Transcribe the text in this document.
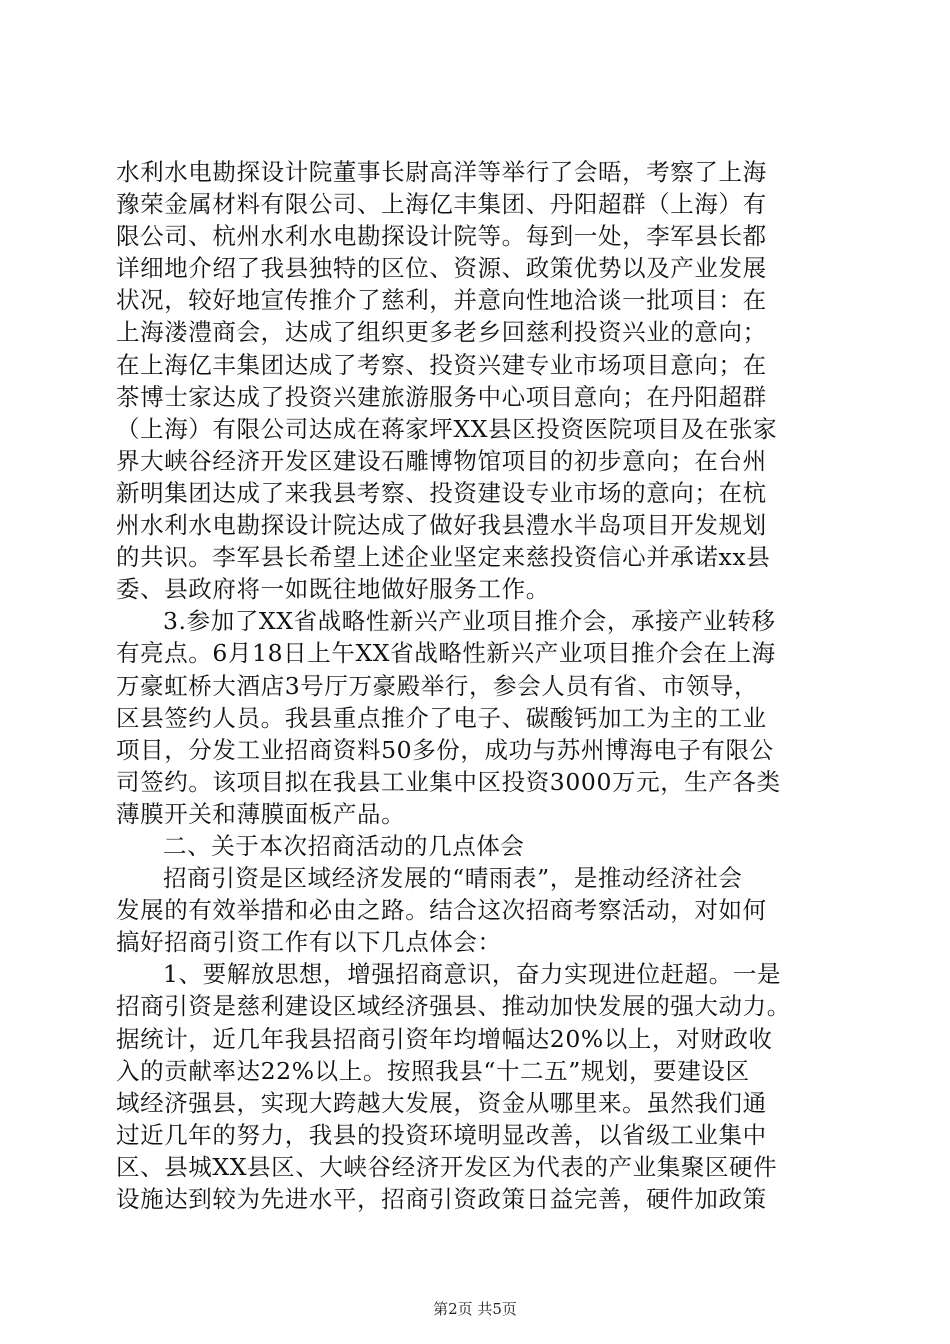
水利水电勘探设计院董事长尉高洋等举行了会晤，考察了上海
豫荣金属材料有限公司、上海亿丰集团、丹阳超群（上海）有
限公司、杭州水利水电勘探设计院等。每到一处，李军县长都
详细地介绍了我县独特的区位、资源、政策优势以及产业发展
状况，较好地宣传推介了慈利，并意向性地洽谈一批项目：在
上海溇澧商会，达成了组织更多老乡回慈利投资兴业的意向；
在上海亿丰集团达成了考察、投资兴建专业市场项目意向；在
茶博士家达成了投资兴建旅游服务中心项目意向；在丹阳超群
（上海）有限公司达成在蒋家坪XX县区投资医院项目及在张家
界大峡谷经济开发区建设石雕博物馆项目的初步意向；在台州
新明集团达成了来我县考察、投资建设专业市场的意向；在杭
州水利水电勘探设计院达成了做好我县澧水半岛项目开发规划
的共识。李军县长希望上述企业坚定来慈投资信心并承诺xx县
委、县政府将一如既往地做好服务工作。
3.参加了XX省战略性新兴产业项目推介会，承接产业转移
有亮点。6月18日上午XX省战略性新兴产业项目推介会在上海
万豪虹桥大酒店3号厅万豪殿举行，参会人员有省、市领导，
区县签约人员。我县重点推介了电子、碳酸钙加工为主的工业
项目，分发工业招商资料50多份，成功与苏州博海电子有限公
司签约。该项目拟在我县工业集中区投资3000万元，生产各类
薄膜开关和薄膜面板产品。
二、关于本次招商活动的几点体会
招商引资是区域经济发展的“晴雨表”，是推动经济社会
发展的有效举措和必由之路。结合这次招商考察活动，对如何
搞好招商引资工作有以下几点体会：
1、要解放思想，增强招商意识，奋力实现进位赶超。一是
招商引资是慈利建设区域经济强县、推动加快发展的强大动力。
据统计，近几年我县招商引资年均增幅达20%以上，对财政收
入的贡献率达22%以上。按照我县“十二五”规划，要建设区
域经济强县，实现大跨越大发展，资金从哪里来。虽然我们通
过近几年的努力，我县的投资环境明显改善，以省级工业集中
区、县城XX县区、大峡谷经济开发区为代表的产业集聚区硬件
设施达到较为先进水平，招商引资政策日益完善，硬件加政策
第2页 共5页
